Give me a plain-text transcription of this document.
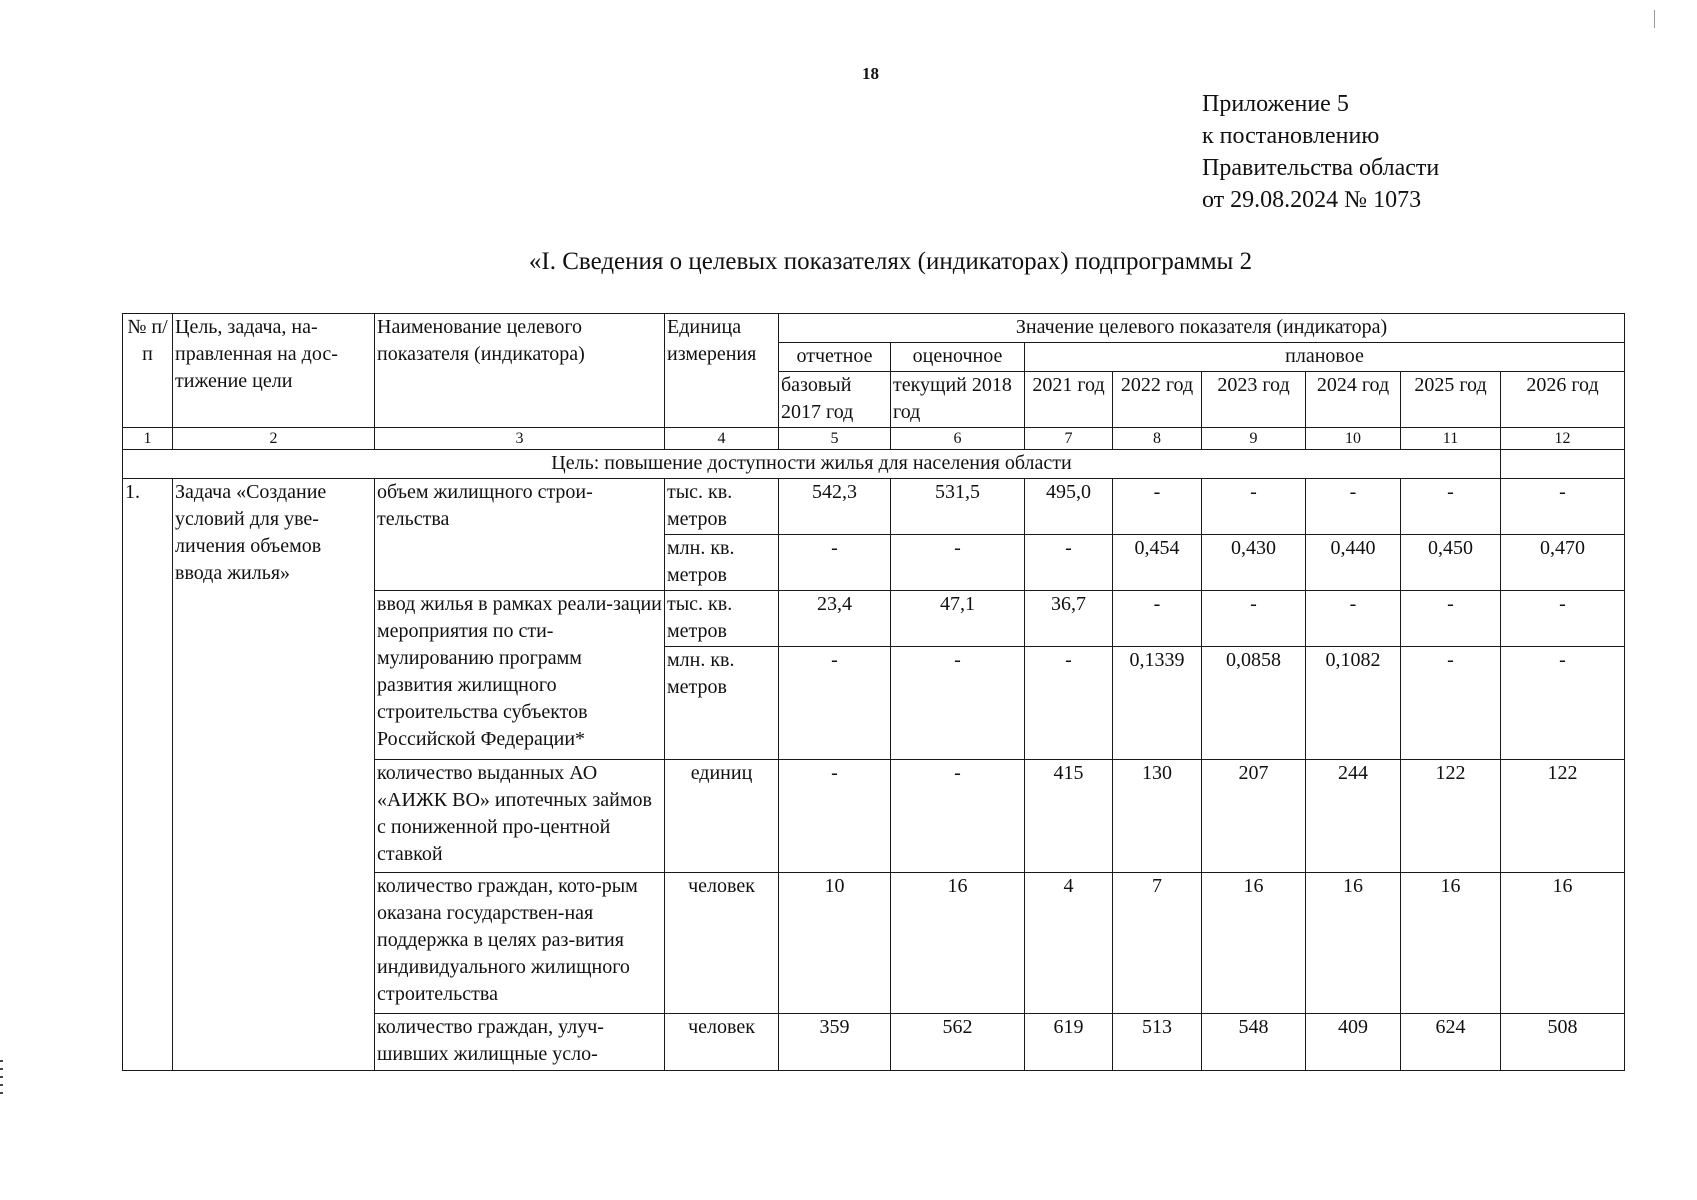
18
Приложение 5
к постановлению
Правительства области
от 29.08.2024 № 1073
«I. Сведения о целевых показателях (индикаторах) подпрограммы 2
№ п/п	Цель, задача, на-правленная на дос-тижение цели	Наименование целевого показателя (индикатора)	Единица измерения	Значение целевого показателя (индикатора)							
				отчетное	оценочное	плановое					
				базовый 2017 год	текущий 2018 год	2021 год	2022 год	2023 год	2024 год	2025 год	2026 год
1	2	3	4	5	6	7	8	9	10	11	12
Цель: повышение доступности жилья для населения области											
1.	Задача «Создание условий для уве-личения объемов ввода жилья»	объем жилищного строи-тельства	тыс. кв. метров	542,3	531,5	495,0	-	-	-	-	-
			млн. кв. метров	-	-	-	0,454	0,430	0,440	0,450	0,470
		ввод жилья в рамках реали-зации мероприятия по сти-мулированию программ развития жилищного строительства субъектов Российской Федерации*	тыс. кв. метров	23,4	47,1	36,7	-	-	-	-	-
			млн. кв. метров	-	-	-	0,1339	0,0858	0,1082	-	-
		количество выданных АО «АИЖК ВО» ипотечных займов с пониженной про-центной ставкой	единиц	-	-	415	130	207	244	122	122
		количество граждан, кото-рым оказана государствен-ная поддержка в целях раз-вития индивидуального жилищного строительства	человек	10	16	4	7	16	16	16	16
		количество граждан, улуч-шивших жилищные усло-	человек	359	562	619	513	548	409	624	508
